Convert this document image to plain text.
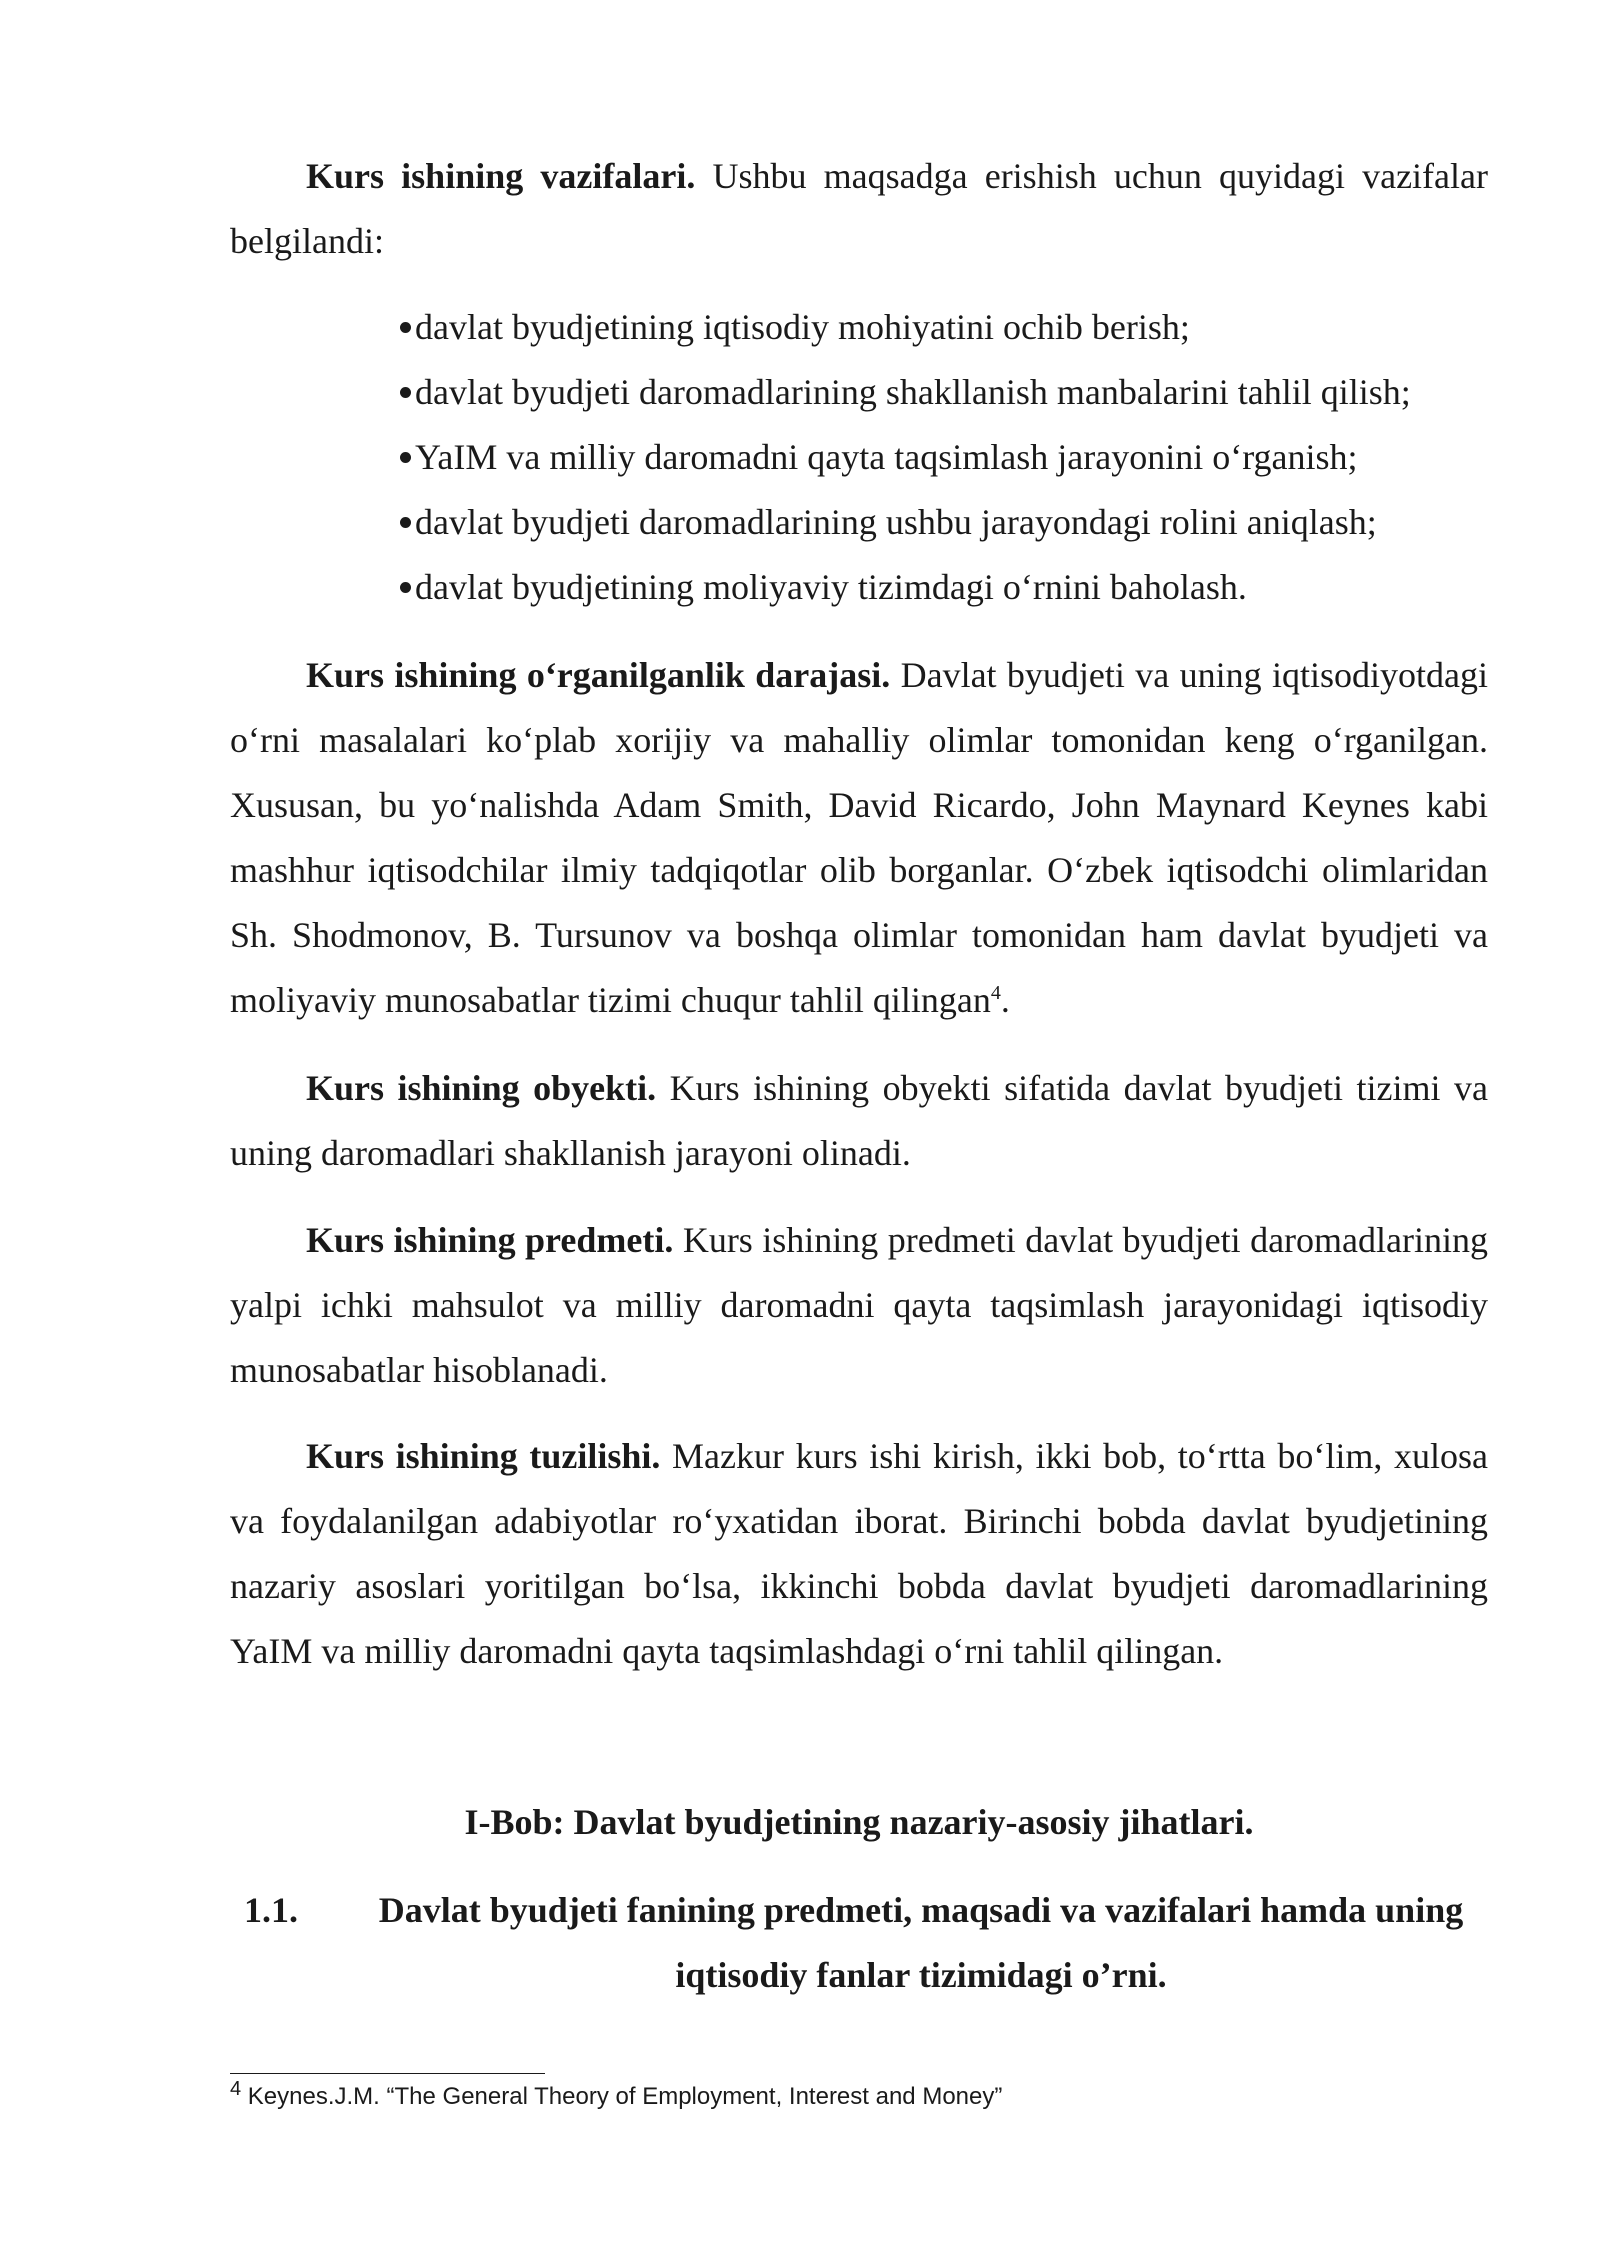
Kurs ishining vazifalari. Ushbu maqsadga erishish uchun quyidagi vazifalar belgilandi:

davlat byudjetining iqtisodiy mohiyatini ochib berish;
davlat byudjeti daromadlarining shakllanish manbalarini tahlil qilish;
YaIM va milliy daromadni qayta taqsimlash jarayonini o‘rganish;
davlat byudjeti daromadlarining ushbu jarayondagi rolini aniqlash;
davlat byudjetining moliyaviy tizimdagi o‘rnini baholash.

Kurs ishining o‘rganilganlik darajasi. Davlat byudjeti va uning iqtisodiyotdagi o‘rni masalalari ko‘plab xorijiy va mahalliy olimlar tomonidan keng o‘rganilgan. Xususan, bu yo‘nalishda Adam Smith, David Ricardo, John Maynard Keynes kabi mashhur iqtisodchilar ilmiy tadqiqotlar olib borganlar. O‘zbek iqtisodchi olimlaridan Sh. Shodmonov, B. Tursunov va boshqa olimlar tomonidan ham davlat byudjeti va moliyaviy munosabatlar tizimi chuqur tahlil qilingan$^4$.

Kurs ishining obyekti. Kurs ishining obyekti sifatida davlat byudjeti tizimi va uning daromadlari shakllanish jarayoni olinadi.

Kurs ishining predmeti. Kurs ishining predmeti davlat byudjeti daromadlarining yalpi ichki mahsulot va milliy daromadni qayta taqsimlash jarayonidagi iqtisodiy munosabatlar hisoblanadi.

Kurs ishining tuzilishi. Mazkur kurs ishi kirish, ikki bob, to‘rtta bo‘lim, xulosa va foydalanilgan adabiyotlar ro‘yxatidan iborat. Birinchi bobda davlat byudjetining nazariy asoslari yoritilgan bo‘lsa, ikkinchi bobda davlat byudjeti daromadlarining YaIM va milliy daromadni qayta taqsimlashdagi o‘rni tahlil qilingan.

I-Bob: Davlat byudjetining nazariy-asosiy jihatlari.
1.1.	Davlat byudjeti fanining predmeti, maqsadi va vazifalari hamda uning iqtisodiy fanlar tizimidagi o’rni.
$^4$ Keynes.J.M. “The General Theory of Employment, Interest and Money”
